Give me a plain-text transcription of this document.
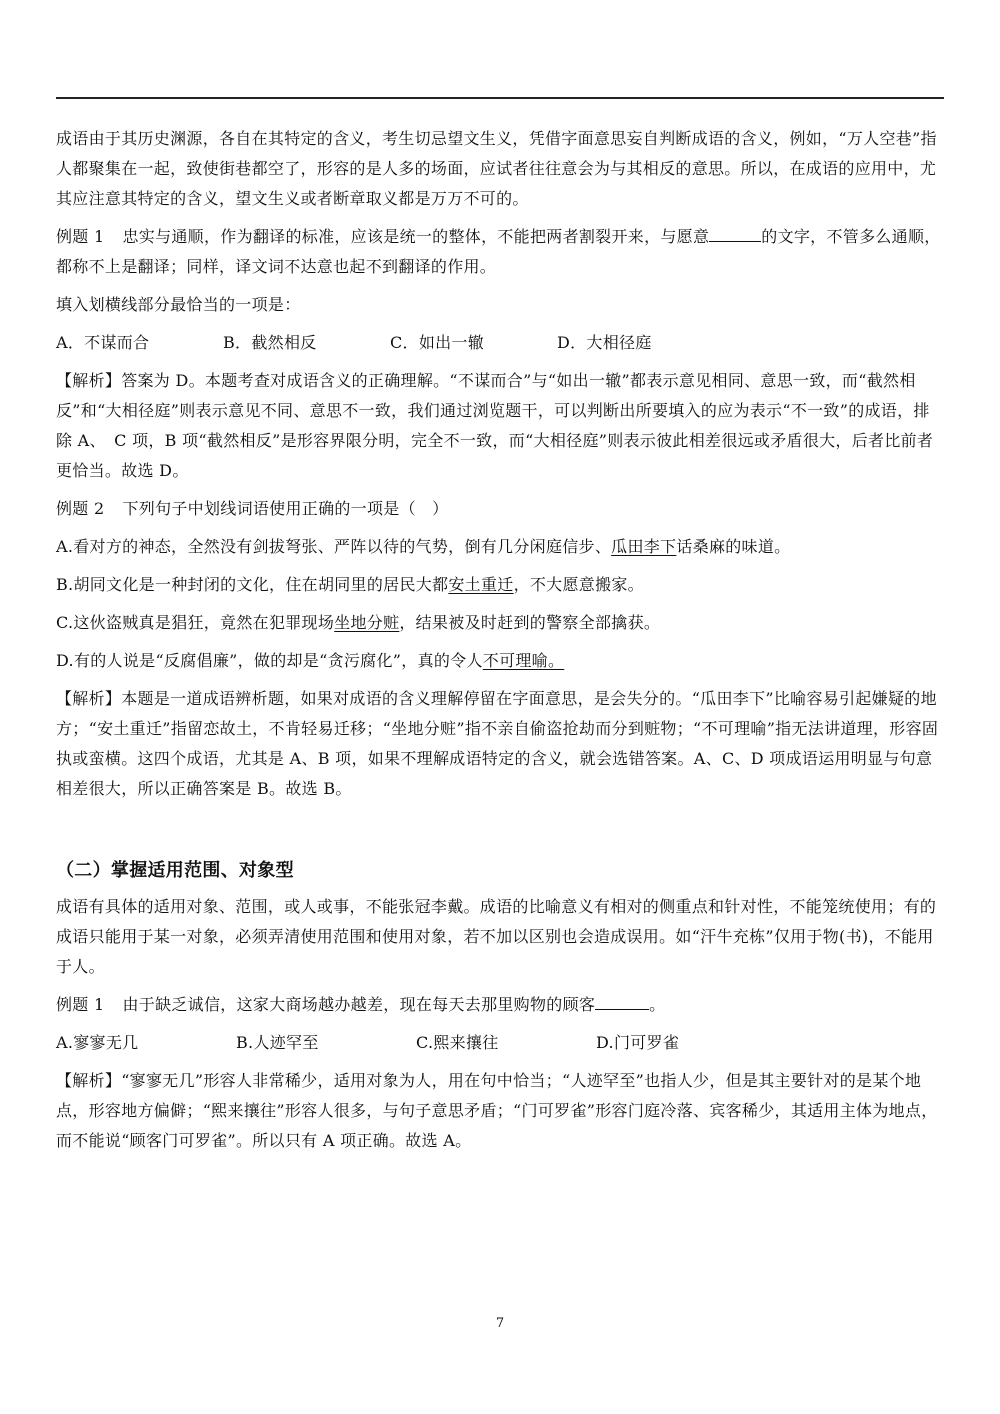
成语由于其历史渊源，各自在其特定的含义，考生切忌望文生义，凭借字面意思妄自判断成语的含义，例如，“万人空巷”指人都聚集在一起，致使街巷都空了，形容的是人多的场面，应试者往往意会为与其相反的意思。所以，在成语的应用中，尤其应注意其特定的含义，望文生义或者断章取义都是万万不可的。

例题 1 忠实与通顺，作为翻译的标准，应该是统一的整体，不能把两者割裂开来，与愿意	的文字，不管多么通顺，都称不上是翻译；同样，译文词不达意也起不到翻译的作用。

填入划横线部分最恰当的一项是：

A．不谋而合	B．截然相反	C．如出一辙	D．大相径庭

【解析】答案为 D。本题考查对成语含义的正确理解。“不谋而合”与“如出一辙”都表示意见相同、意思一致，而“截然相反”和“大相径庭”则表示意见不同、意思不一致，我们通过浏览题干，可以判断出所要填入的应为表示“不一致”的成语，排除 A、　C 项，B 项“截然相反”是形容界限分明，完全不一致，而“大相径庭”则表示彼此相差很远或矛盾很大，后者比前者更恰当。故选 D。

例题 2 下列句子中划线词语使用正确的一项是（　）

A.看对方的神态，全然没有剑拔弩张、严阵以待的气势，倒有几分闲庭信步、瓜田李下话桑麻的味道。

B.胡同文化是一种封闭的文化，住在胡同里的居民大都安土重迁，不大愿意搬家。

C.这伙盗贼真是猖狂，竟然在犯罪现场坐地分赃，结果被及时赶到的警察全部擒获。

D.有的人说是“反腐倡廉”，做的却是“贪污腐化”，真的令人不可理喻。

【解析】本题是一道成语辨析题，如果对成语的含义理解停留在字面意思，是会失分的。“瓜田李下”比喻容易引起嫌疑的地方；“安土重迁”指留恋故土，不肯轻易迁移；“坐地分赃”指不亲自偷盗抢劫而分到赃物；“不可理喻”指无法讲道理，形容固执或蛮横。这四个成语，尤其是 A、B 项，如果不理解成语特定的含义，就会选错答案。A、C、D 项成语运用明显与句意相差很大，所以正确答案是 B。故选 B。

（二）掌握适用范围、对象型

成语有具体的适用对象、范围，或人或事，不能张冠李戴。成语的比喻意义有相对的侧重点和针对性，不能笼统使用；有的成语只能用于某一对象，必须弄清使用范围和使用对象，若不加以区别也会造成误用。如“汗牛充栋”仅用于物(书)，不能用于人。

例题 1 由于缺乏诚信，这家大商场越办越差，现在每天去那里购物的顾客	。

A.寥寥无几	B.人迹罕至	C.熙来攘往	D.门可罗雀

【解析】“寥寥无几”形容人非常稀少，适用对象为人，用在句中恰当；“人迹罕至”也指人少，但是其主要针对的是某个地点，形容地方偏僻；“熙来攘往”形容人很多，与句子意思矛盾；“门可罗雀”形容门庭冷落、宾客稀少，其适用主体为地点，而不能说“顾客门可罗雀”。所以只有 A 项正确。故选 A。

7
